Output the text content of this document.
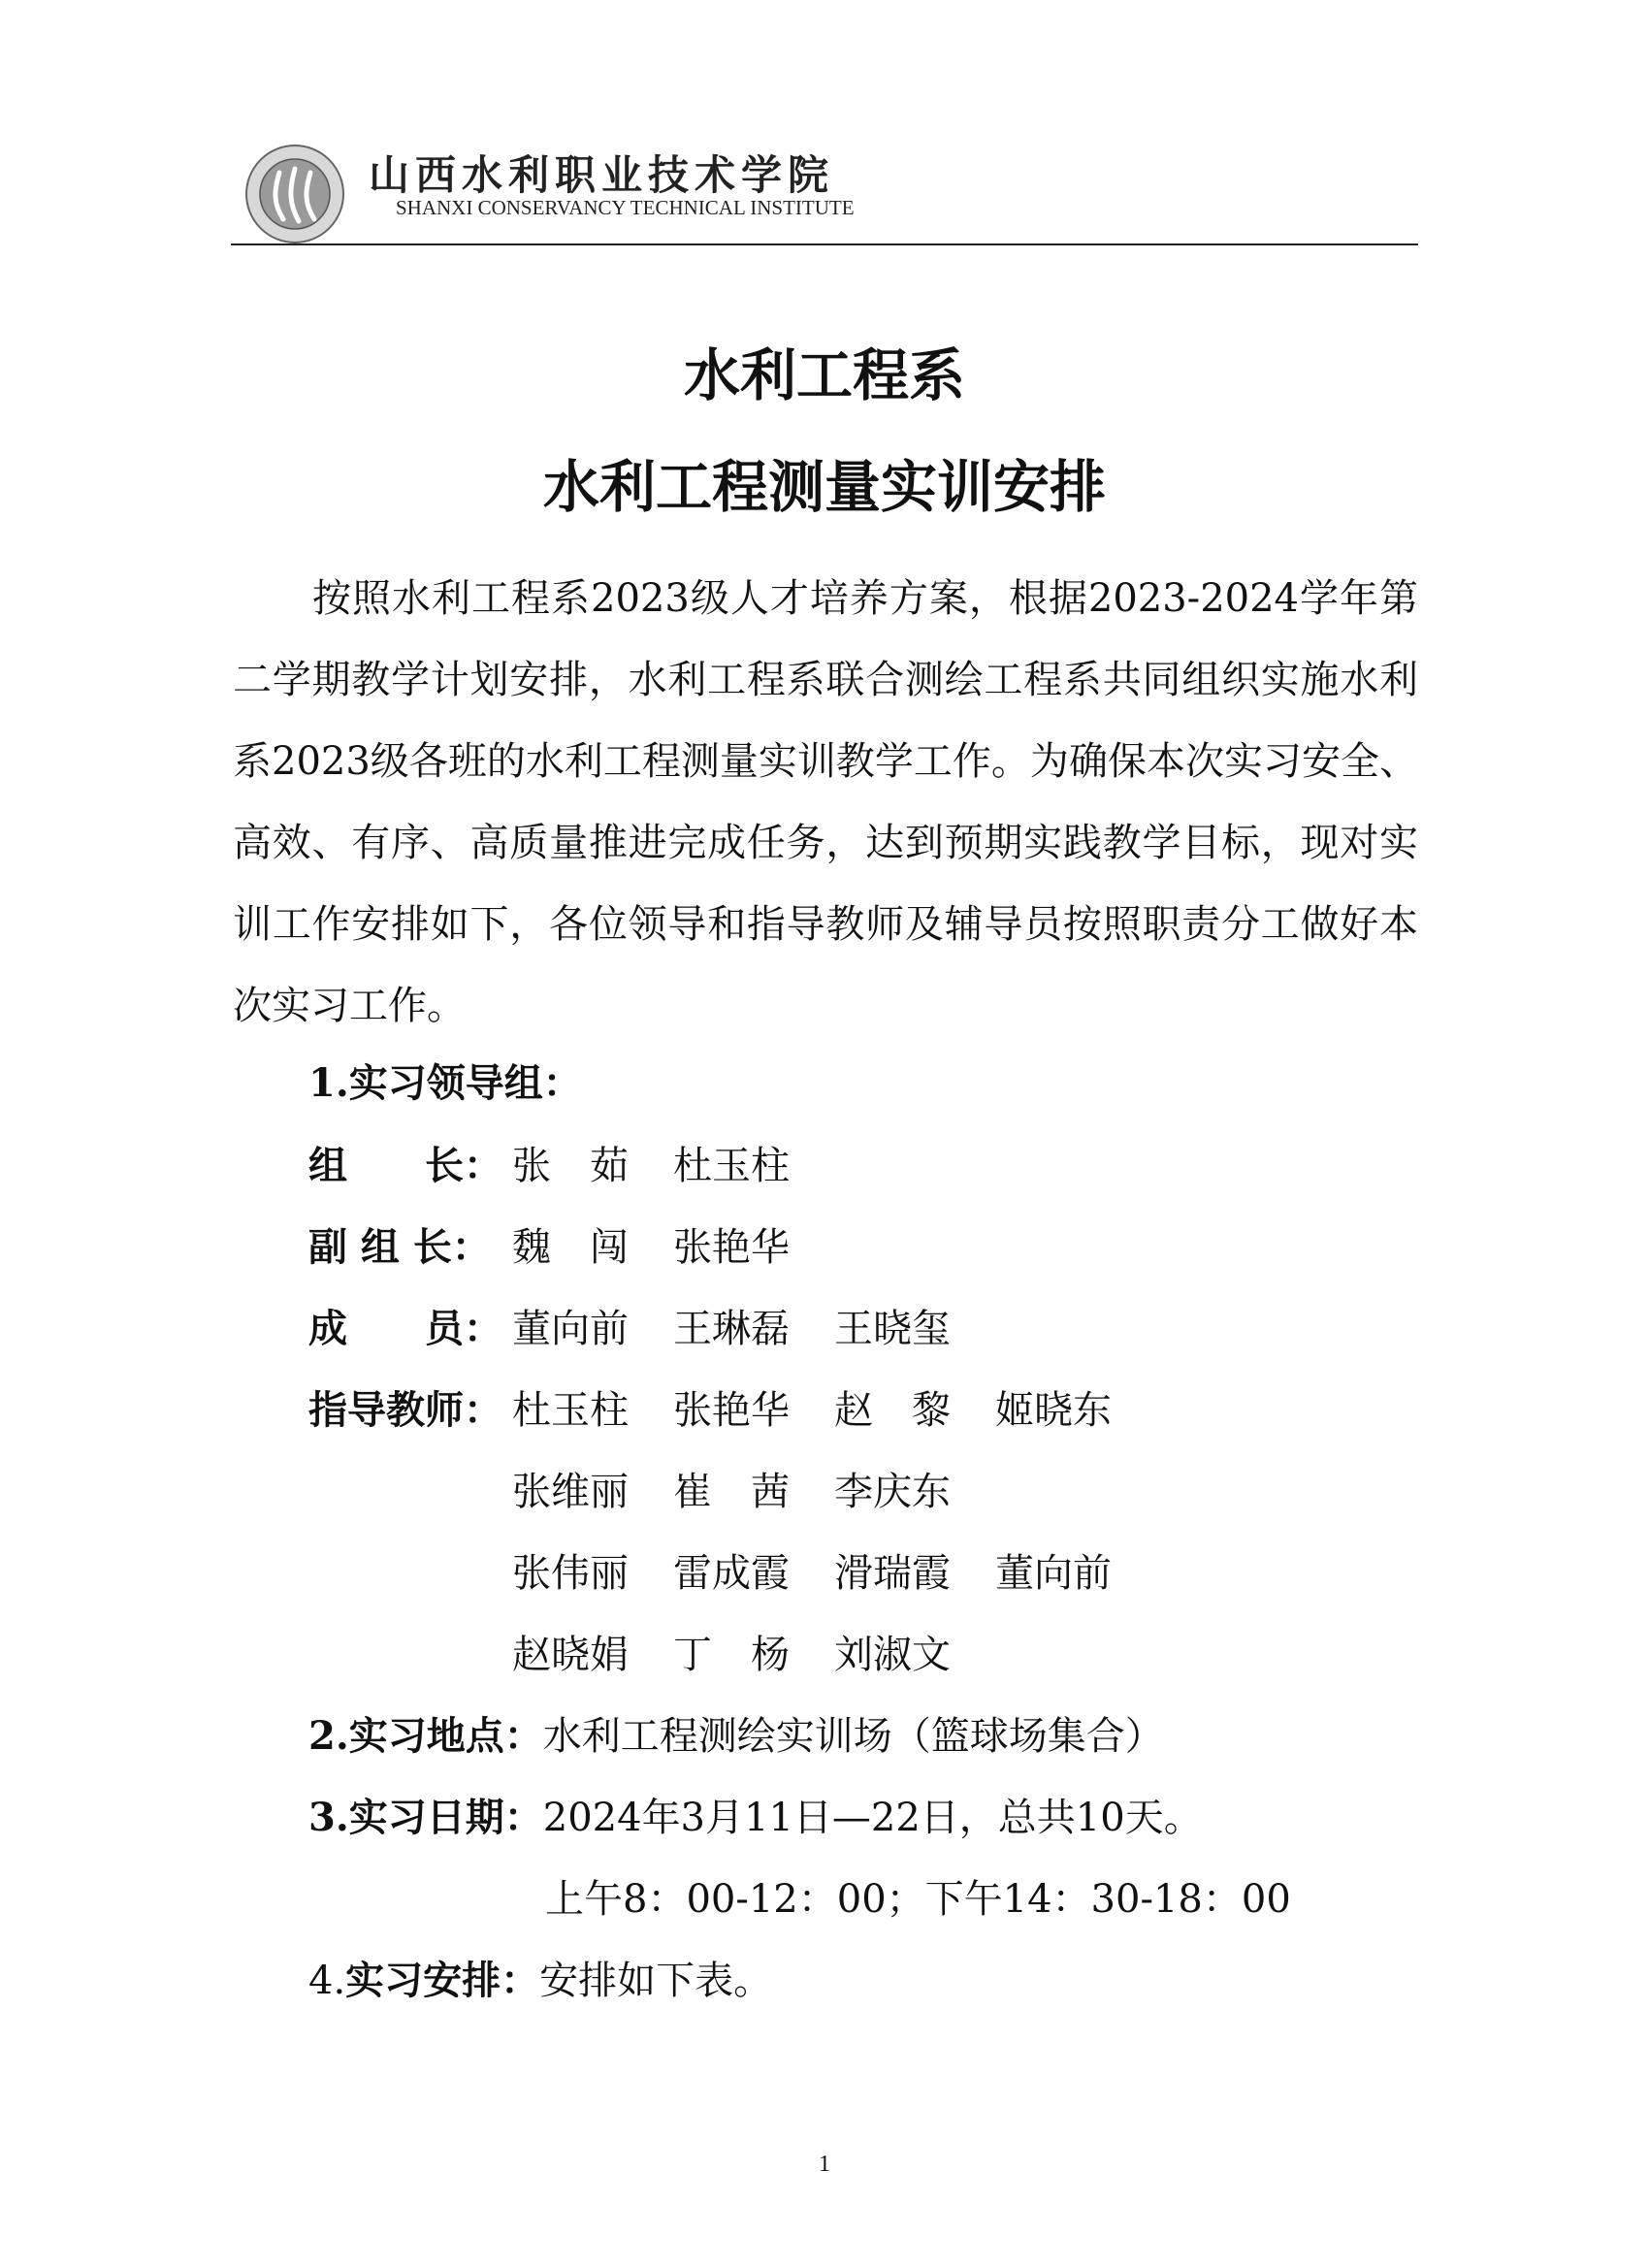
山西水利职业技术学院
SHANXI CONSERVANCY TECHNICAL INSTITUTE
水利工程系
水利工程测量实训安排
按照水利工程系2023级人才培养方案，根据2023-2024学年第二学期教学计划安排，水利工程系联合测绘工程系共同组织实施水利系2023级各班的水利工程测量实训教学工作。为确保本次实习安全、高效、有序、高质量推进完成任务，达到预期实践教学目标，现对实训工作安排如下，各位领导和指导教师及辅导员按照职责分工做好本次实习工作。
1.实习领导组：
组　　长： 张　茹 杜玉柱
副 组 长： 魏　闯 张艳华
成　　员： 董向前 王琳磊 王晓玺
指导教师： 杜玉柱 张艳华 赵　黎 姬晓东
张维丽 崔　茜 李庆东
张伟丽 雷成霞 滑瑞霞 董向前
赵晓娟 丁　杨 刘淑文
2.实习地点：水利工程测绘实训场（篮球场集合）
3.实习日期：2024年3月11日—22日，总共10天。
上午8：00-12：00；下午14：30-18：00
4.实习安排：安排如下表。
1
